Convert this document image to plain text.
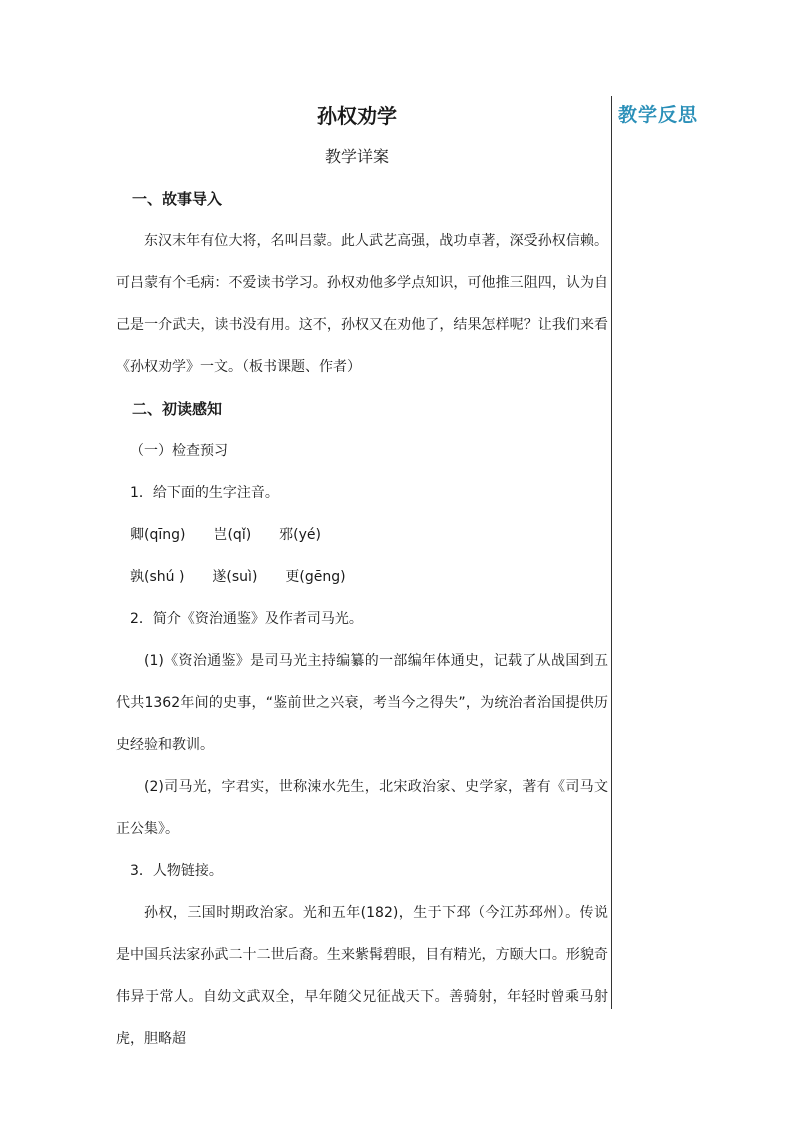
教学反思

孙权劝学

教学详案

一、故事导入

东汉末年有位大将，名叫吕蒙。此人武艺高强，战功卓著，深受孙权信赖。可吕蒙有个毛病：不爱读书学习。孙权劝他多学点知识，可他推三阻四，认为自己是一介武夫，读书没有用。这不，孙权又在劝他了，结果怎样呢？让我们来看《孙权劝学》一文。（板书课题、作者）

二、初读感知

（一）检查预习

1．给下面的生字注音。

卿(qīng) 岂(qǐ) 邪(yé)

孰(shú ) 遂(suì) 更(gēng)

2．简介《资治通鉴》及作者司马光。

(1)《资治通鉴》是司马光主持编纂的一部编年体通史，记载了从战国到五代共1362年间的史事，“鉴前世之兴衰，考当今之得失”，为统治者治国提供历史经验和教训。

(2)司马光，字君实，世称涑水先生，北宋政治家、史学家，著有《司马文正公集》。

3．人物链接。

孙权，三国时期政治家。光和五年(182)，生于下邳（今江苏邳州）。传说是中国兵法家孙武二十二世后裔。生来紫髯碧眼，目有精光，方颐大口。形貌奇伟异于常人。自幼文武双全，早年随父兄征战天下。善骑射，年轻时曾乘马射虎，胆略超
